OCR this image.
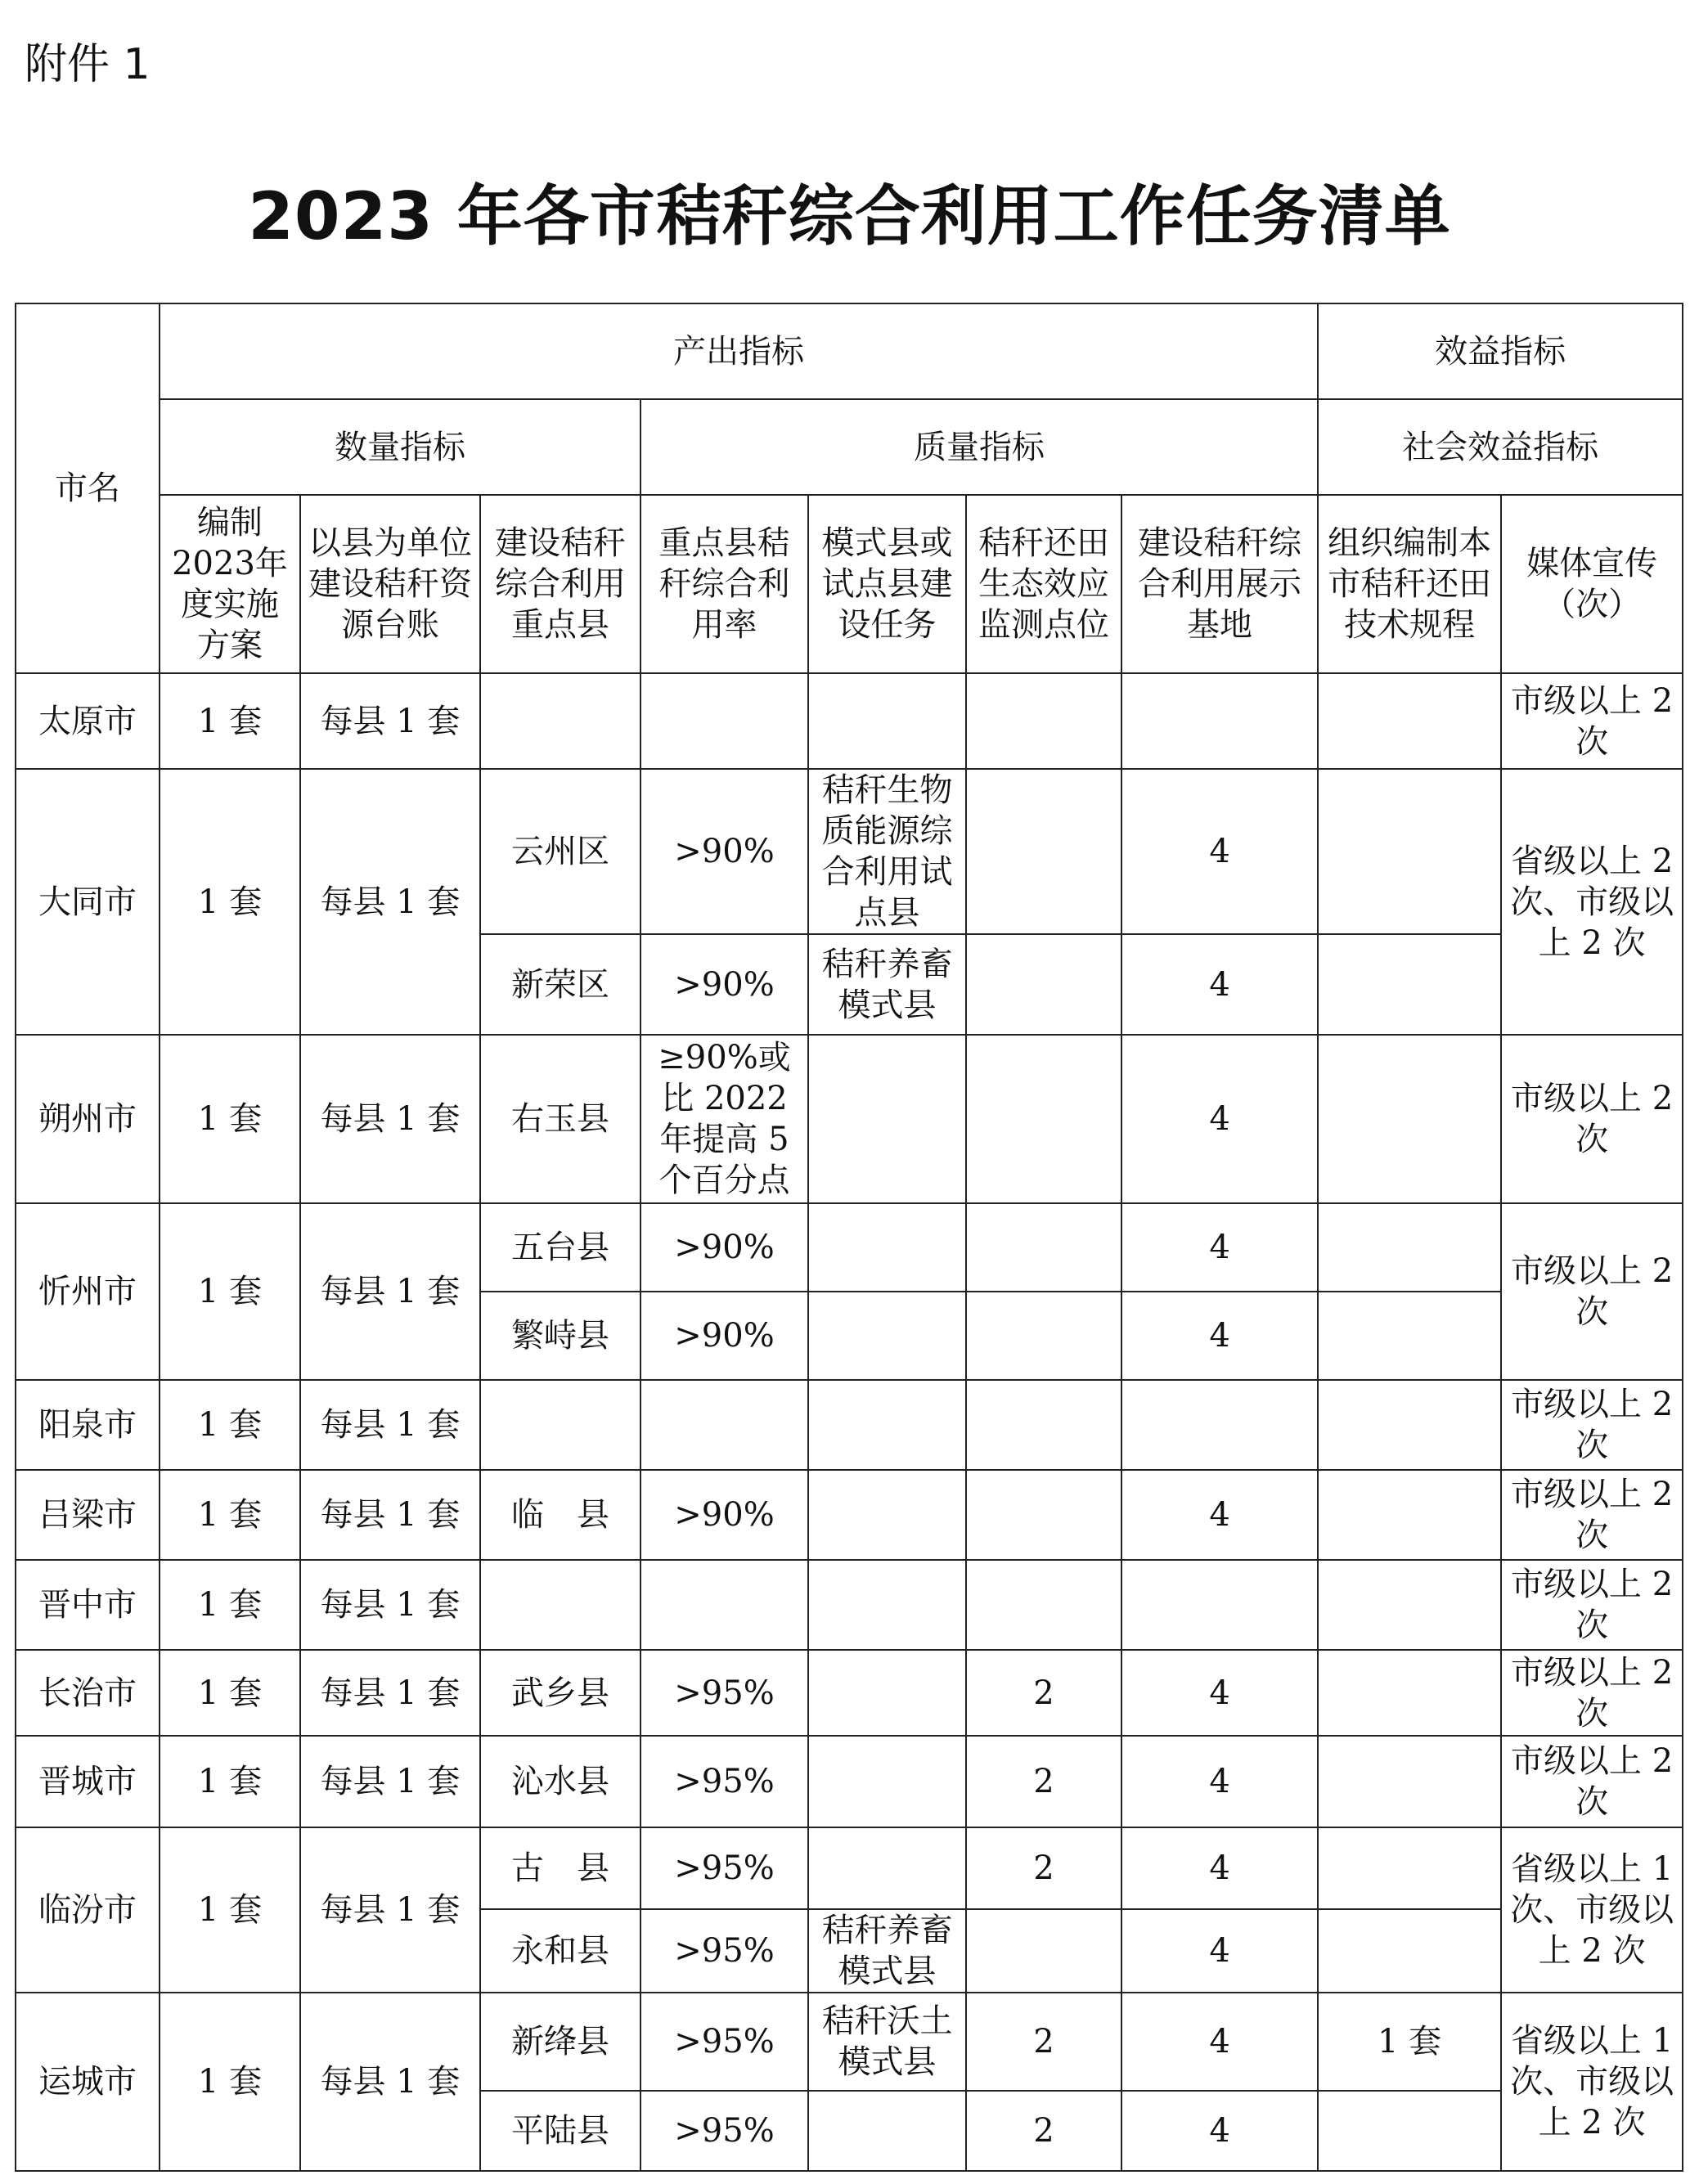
附件 1
2023 年各市秸秆综合利用工作任务清单
市名	产出指标							效益指标	
	数量指标			质量指标				社会效益指标	
	编制2023年度实施方案	以县为单位建设秸秆资源台账	建设秸秆综合利用重点县	重点县秸秆综合利用率	模式县或试点县建设任务	秸秆还田生态效应监测点位	建设秸秆综合利用展示基地	组织编制本市秸秆还田技术规程	媒体宣传（次）
太原市	1 套	每县 1 套							市级以上 2 次
大同市	1 套	每县 1 套	云州区	>90%	秸秆生物质能源综合利用试点县		4		省级以上 2 次、市级以上 2 次
			新荣区	>90%	秸秆养畜模式县		4		
朔州市	1 套	每县 1 套	右玉县	≥90%或比 2022 年提高 5 个百分点			4		市级以上 2 次
忻州市	1 套	每县 1 套	五台县	>90%			4		市级以上 2 次
			繁峙县	>90%			4		
阳泉市	1 套	每县 1 套							市级以上 2 次
吕梁市	1 套	每县 1 套	临　县	>90%			4		市级以上 2 次
晋中市	1 套	每县 1 套							市级以上 2 次
长治市	1 套	每县 1 套	武乡县	>95%		2	4		市级以上 2 次
晋城市	1 套	每县 1 套	沁水县	>95%		2	4		市级以上 2 次
临汾市	1 套	每县 1 套	古　县	>95%		2	4		省级以上 1 次、市级以上 2 次
			永和县	>95%	秸秆养畜模式县		4		
运城市	1 套	每县 1 套	新绛县	>95%	秸秆沃土模式县	2	4	1 套	省级以上 1 次、市级以上 2 次
			平陆县	>95%		2	4		
